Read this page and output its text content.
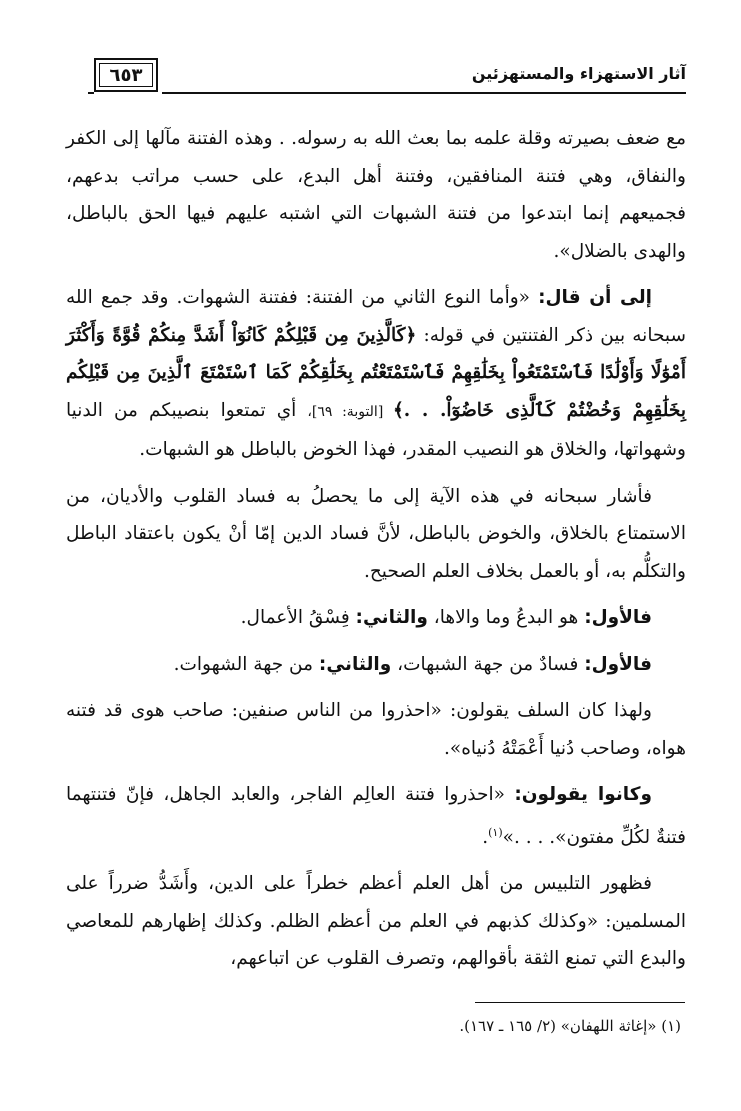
٦٥٣	آثار الاستهزاء والمستهزئين

مع ضعف بصيرته وقلة علمه بما بعث الله به رسوله. . وهذه الفتنة مآلها إلى الكفر والنفاق، وهي فتنة المنافقين، وفتنة أهل البدع، على حسب مراتب بدعهم، فجميعهم إنما ابتدعوا من فتنة الشبهات التي اشتبه عليهم فيها الحق بالباطل، والهدى بالضلال».

إلى أن قال: «وأما النوع الثاني من الفتنة: ففتنة الشهوات. وقد جمع الله سبحانه بين ذكر الفتنتين في قوله: ﴿كَالَّذِينَ مِن قَبْلِكُمْ كَانُوٓاْ أَشَدَّ مِنكُمْ قُوَّةً وَأَكْثَرَ أَمْوَٰلًا وَأَوْلَٰدًا فَٱسْتَمْتَعُواْ بِخَلَٰقِهِمْ فَٱسْتَمْتَعْتُم بِخَلَٰقِكُمْ كَمَا ٱسْتَمْتَعَ ٱلَّذِينَ مِن قَبْلِكُم بِخَلَٰقِهِمْ وَخُضْتُمْ كَٱلَّذِى خَاضُوٓاْ. . .﴾ [التوبة: ٦٩]، أي تمتعوا بنصيبكم من الدنيا وشهواتها، والخلاق هو النصيب المقدر، فهذا الخوض بالباطل هو الشبهات.

فأشار سبحانه في هذه الآية إلى ما يحصلُ به فساد القلوب والأديان، من الاستمتاع بالخلاق، والخوض بالباطل، لأنَّ فساد الدين إمّا أنْ يكون باعتقاد الباطل والتكلُّم به، أو بالعمل بخلاف العلم الصحيح.

فالأول: هو البدعُ وما والاها، والثاني: فِسْقُ الأعمال.

فالأول: فسادٌ من جهة الشبهات، والثاني: من جهة الشهوات.

ولهذا كان السلف يقولون: «احذروا من الناس صنفين: صاحب هوى قد فتنه هواه، وصاحب دُنيا أَعْمَتْهُ دُنياه».

وكانوا يقولون: «احذروا فتنة العالِم الفاجر، والعابد الجاهل، فإنّ فتنتهما فتنةٌ لكُلِّ مفتون». . . .»$^{(١)}$.

فظهور التلبيس من أهل العلم أعظم خطراً على الدين، وأَشَدُّ ضرراً على المسلمين: «وكذلك كذبهم في العلم من أعظم الظلم. وكذلك إظهارهم للمعاصي والبدع التي تمنع الثقة بأقوالهم، وتصرف القلوب عن اتباعهم،

(١) «إغاثة اللهفان» (٢/ ١٦٥ ـ ١٦٧).
